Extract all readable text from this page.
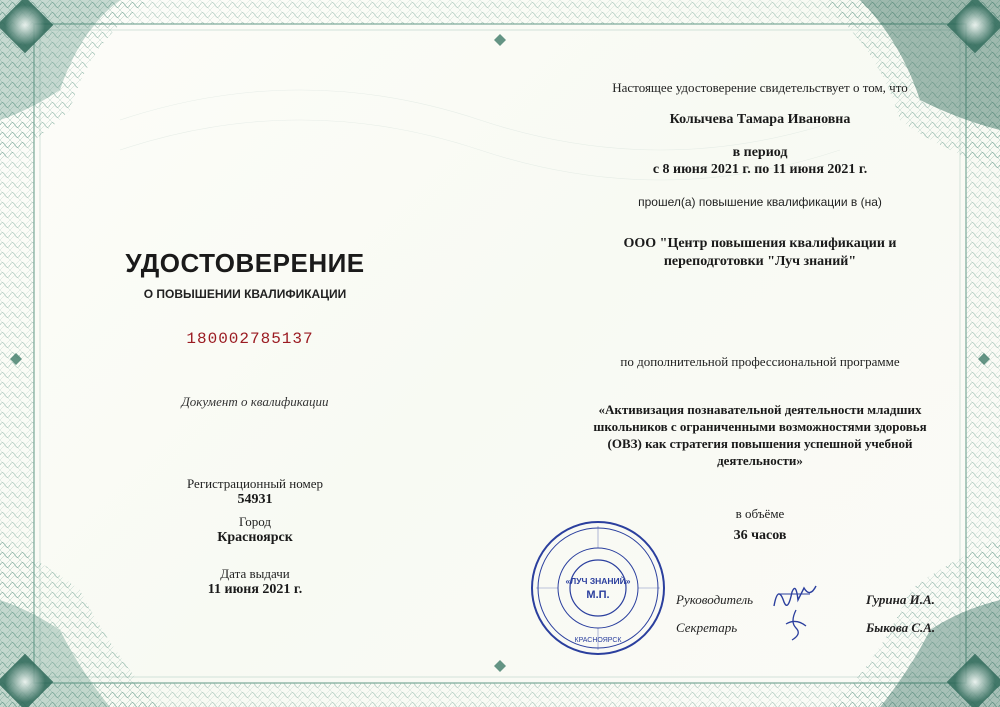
УДОСТОВЕРЕНИЕ
О ПОВЫШЕНИИ КВАЛИФИКАЦИИ
180002785137
Документ о квалификации
Регистрационный номер
54931
Город
Красноярск
Дата выдачи
11 июня 2021 г.
Настоящее удостоверение свидетельствует о том, что
Колычева Тамара Ивановна
в период
с 8 июня 2021 г. по 11 июня 2021 г.
прошел(а) повышение квалификации в (на)
ООО "Центр повышения квалификации и
переподготовки "Луч знаний"
по дополнительной профессиональной программе
«Активизация познавательной деятельности младших
школьников с ограниченными возможностями здоровья
(ОВЗ) как стратегия повышения успешной учебной
деятельности»
в объёме
36 часов
Руководитель	Гурина И.А.
Секретарь	Быкова С.А.
«ЛУЧ ЗНАНИЙ»
М.П.
КРАСНОЯРСК
